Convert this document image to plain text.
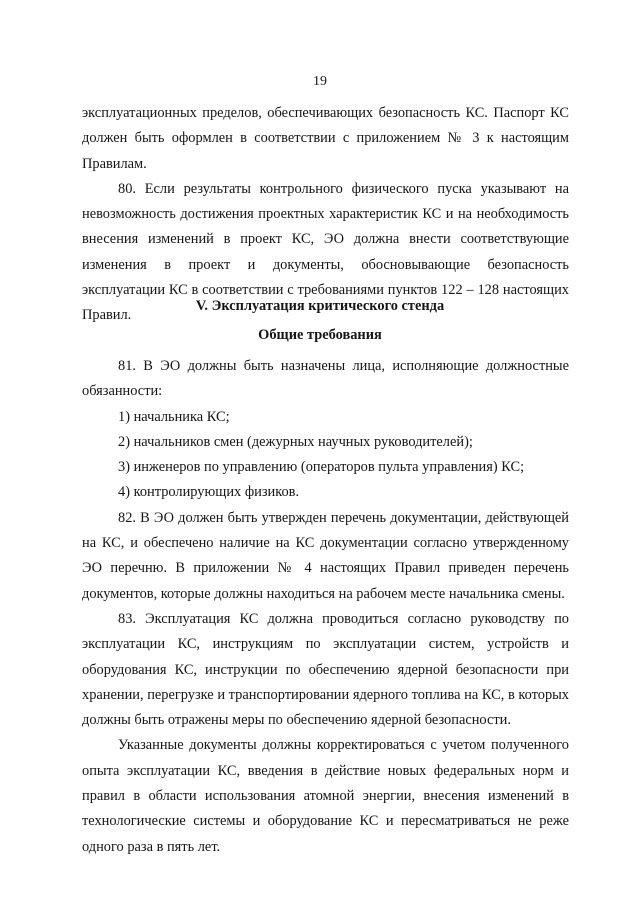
19

эксплуатационных пределов, обеспечивающих безопасность КС. Паспорт КС должен быть оформлен в соответствии с приложением № 3 к настоящим Правилам.

80. Если результаты контрольного физического пуска указывают на невозможность достижения проектных характеристик КС и на необходимость внесения изменений в проект КС, ЭО должна внести соответствующие изменения в проект и документы, обосновывающие безопасность эксплуатации КС в соответствии с требованиями пунктов 122 – 128 настоящих Правил.

V. Эксплуатация критического стенда
Общие требования

81. В ЭО должны быть назначены лица, исполняющие должностные обязанности:

1) начальника КС;

2) начальников смен (дежурных научных руководителей);

3) инженеров по управлению (операторов пульта управления) КС;

4) контролирующих физиков.

82. В ЭО должен быть утвержден перечень документации, действующей на КС, и обеспечено наличие на КС документации согласно утвержденному ЭО перечню. В приложении № 4 настоящих Правил приведен перечень документов, которые должны находиться на рабочем месте начальника смены.

83. Эксплуатация КС должна проводиться согласно руководству по эксплуатации КС, инструкциям по эксплуатации систем, устройств и оборудования КС, инструкции по обеспечению ядерной безопасности при хранении, перегрузке и транспортировании ядерного топлива на КС, в которых должны быть отражены меры по обеспечению ядерной безопасности.

Указанные документы должны корректироваться с учетом полученного опыта эксплуатации КС, введения в действие новых федеральных норм и правил в области использования атомной энергии, внесения изменений в технологические системы и оборудование КС и пересматриваться не реже одного раза в пять лет.
